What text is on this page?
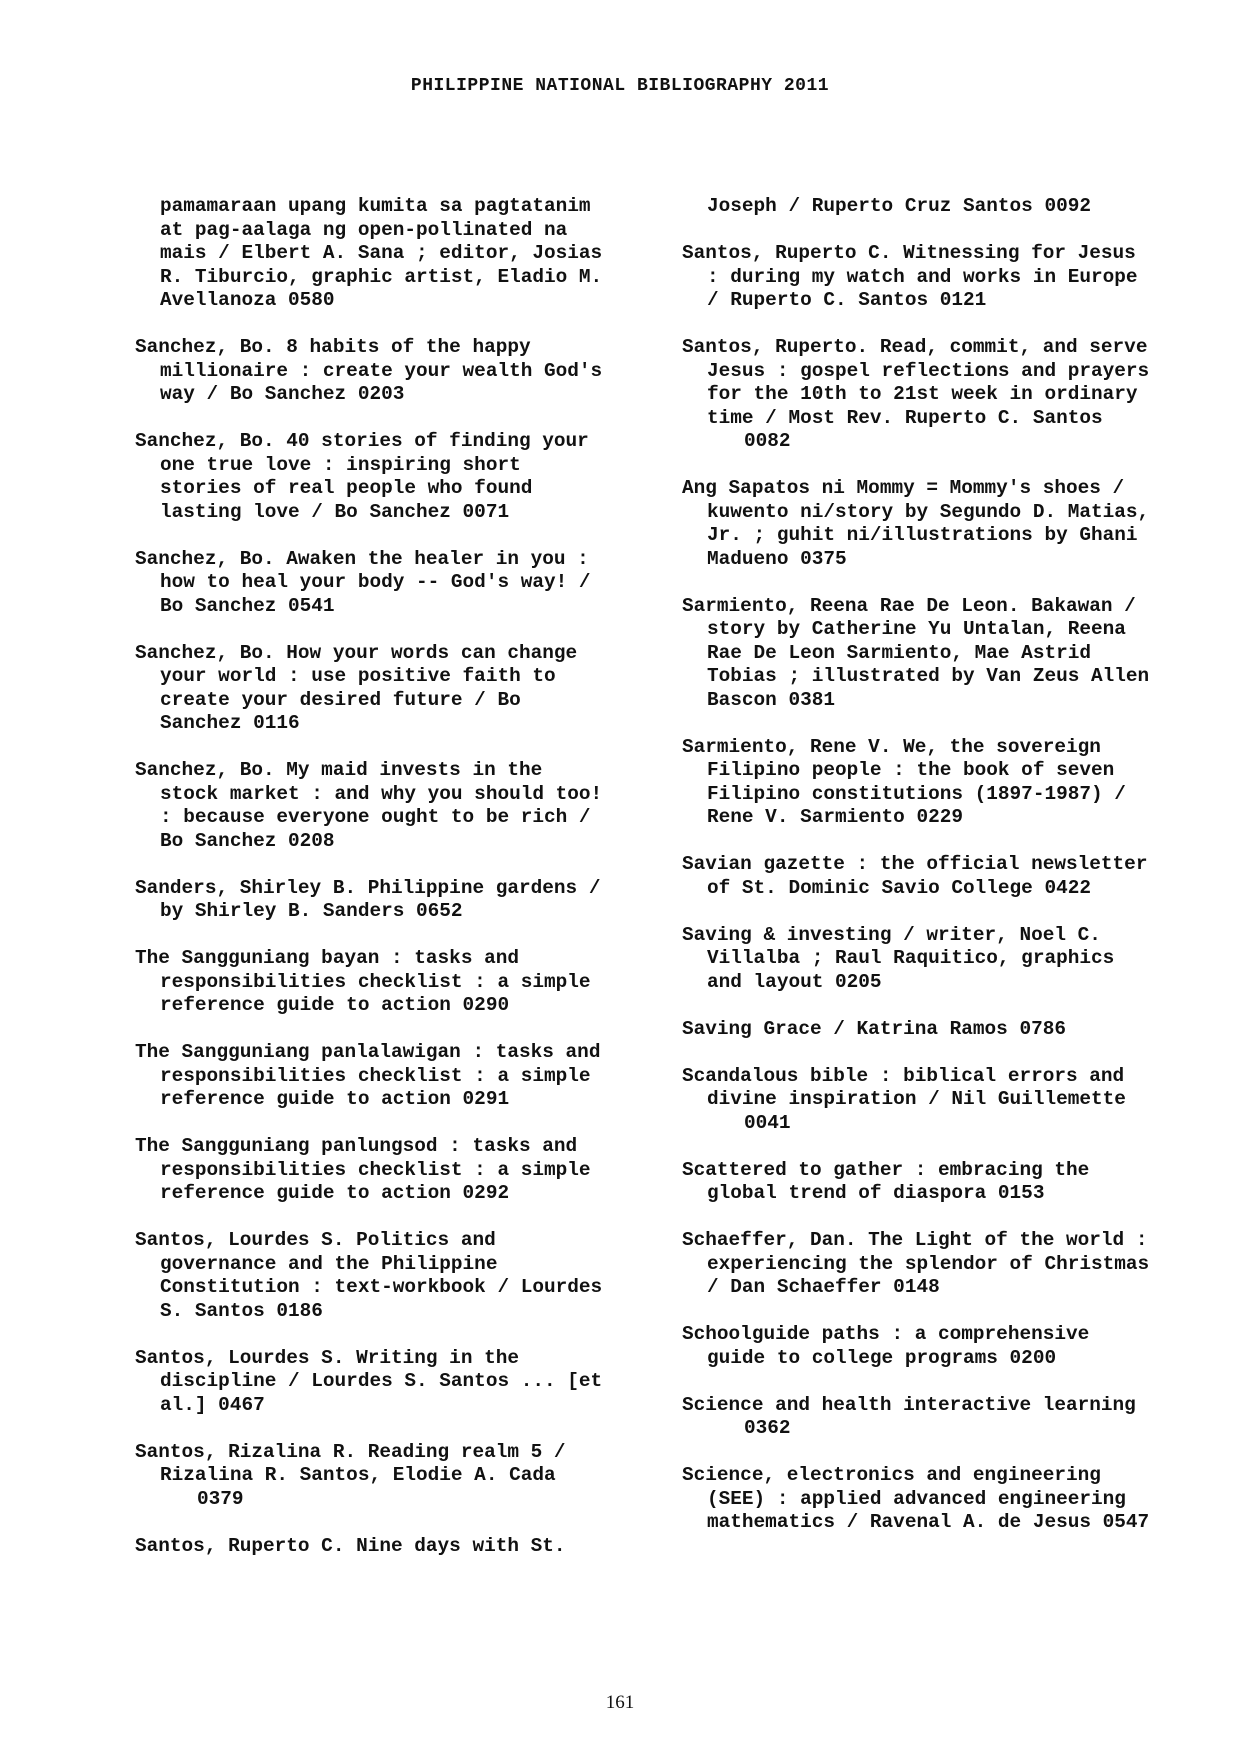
PHILIPPINE NATIONAL BIBLIOGRAPHY 2011
pamamaraan upang kumita sa pagtatanim
at pag-aalaga ng open-pollinated na
mais / Elbert A. Sana ; editor, Josias
R. Tiburcio, graphic artist, Eladio M.
Avellanoza 0580
Sanchez, Bo. 8 habits of the happy
millionaire : create your wealth God's
way / Bo Sanchez 0203
Sanchez, Bo. 40 stories of finding your
one true love : inspiring short
stories of real people who found
lasting love / Bo Sanchez 0071
Sanchez, Bo. Awaken the healer in you :
how to heal your body -- God's way! /
Bo Sanchez 0541
Sanchez, Bo. How your words can change
your world : use positive faith to
create your desired future / Bo
Sanchez 0116
Sanchez, Bo. My maid invests in the
stock market : and why you should too!
: because everyone ought to be rich /
Bo Sanchez 0208
Sanders, Shirley B. Philippine gardens /
by Shirley B. Sanders 0652
The Sangguniang bayan : tasks and
responsibilities checklist : a simple
reference guide to action 0290
The Sangguniang panlalawigan : tasks and
responsibilities checklist : a simple
reference guide to action 0291
The Sangguniang panlungsod : tasks and
responsibilities checklist : a simple
reference guide to action 0292
Santos, Lourdes S. Politics and
governance and the Philippine
Constitution : text-workbook / Lourdes
S. Santos 0186
Santos, Lourdes S. Writing in the
discipline / Lourdes S. Santos ... [et
al.] 0467
Santos, Rizalina R. Reading realm 5 /
Rizalina R. Santos, Elodie A. Cada
0379
Santos, Ruperto C. Nine days with St.
Joseph / Ruperto Cruz Santos 0092
Santos, Ruperto C. Witnessing for Jesus
: during my watch and works in Europe
/ Ruperto C. Santos 0121
Santos, Ruperto. Read, commit, and serve
Jesus : gospel reflections and prayers
for the 10th to 21st week in ordinary
time / Most Rev. Ruperto C. Santos
0082
Ang Sapatos ni Mommy = Mommy's shoes /
kuwento ni/story by Segundo D. Matias,
Jr. ; guhit ni/illustrations by Ghani
Madueno 0375
Sarmiento, Reena Rae De Leon. Bakawan /
story by Catherine Yu Untalan, Reena
Rae De Leon Sarmiento, Mae Astrid
Tobias ; illustrated by Van Zeus Allen
Bascon 0381
Sarmiento, Rene V. We, the sovereign
Filipino people : the book of seven
Filipino constitutions (1897-1987) /
Rene V. Sarmiento 0229
Savian gazette : the official newsletter
of St. Dominic Savio College 0422
Saving & investing / writer, Noel C.
Villalba ; Raul Raquitico, graphics
and layout 0205
Saving Grace / Katrina Ramos 0786
Scandalous bible : biblical errors and
divine inspiration / Nil Guillemette
0041
Scattered to gather : embracing the
global trend of diaspora 0153
Schaeffer, Dan. The Light of the world :
experiencing the splendor of Christmas
/ Dan Schaeffer 0148
Schoolguide paths : a comprehensive
guide to college programs 0200
Science and health interactive learning
0362
Science, electronics and engineering
(SEE) : applied advanced engineering
mathematics / Ravenal A. de Jesus 0547
161
